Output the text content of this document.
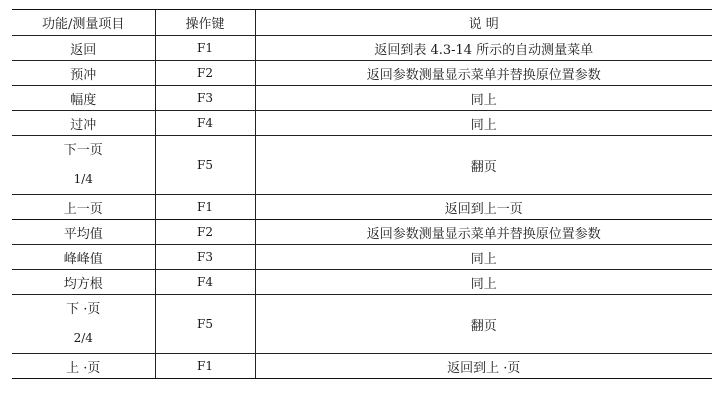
功能/测量项目	操作键	说 明
返回	F1	返回到表 4.3-14 所示的自动测量菜单
预冲	F2	返回参数测量显示菜单并替换原位置参数
幅度	F3	同上
过冲	F4	同上

下一页
1/4	F5	翻页
上一页	F1	返回到上一页
平均值	F2	返回参数测量显示菜单并替换原位置参数
峰峰值	F3	同上
均方根	F4	同上

下 ·页
2/4	F5	翻页
上 ·页	F1	返回到上 ·页
